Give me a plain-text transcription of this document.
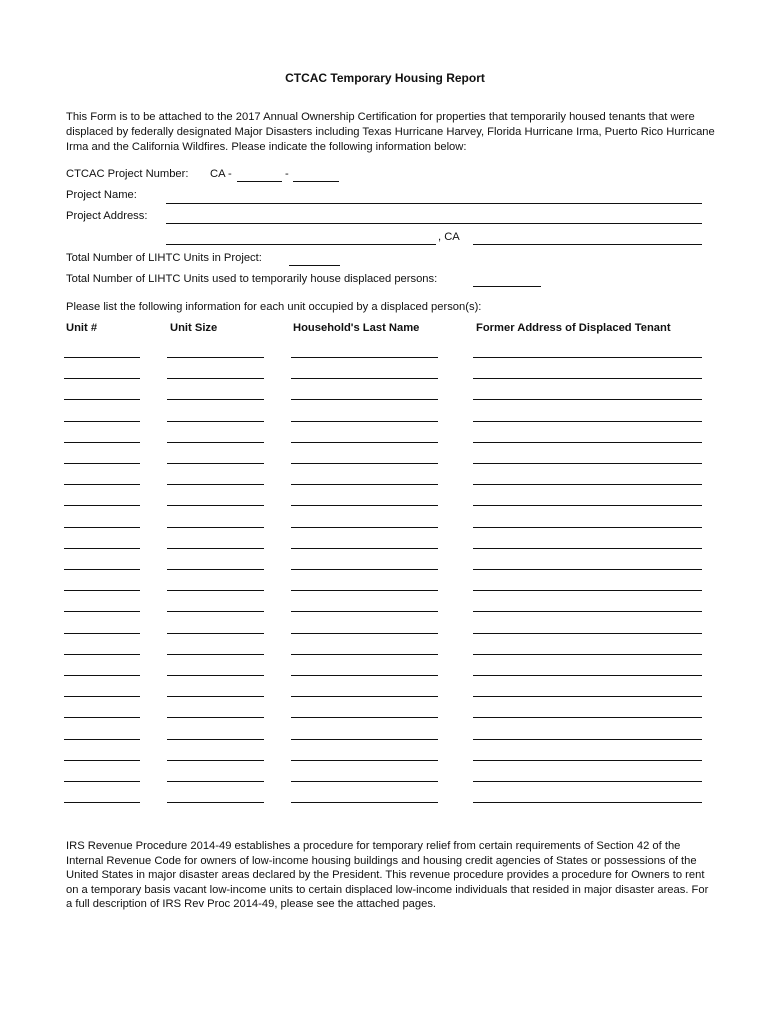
CTCAC Temporary Housing Report
This Form is to be attached to the 2017 Annual Ownership Certification for properties that temporarily housed tenants that were displaced by federally designated Major Disasters including Texas Hurricane Harvey, Florida Hurricane Irma, Puerto Rico Hurricane Irma and the California Wildfires. Please indicate the following information below:
CTCAC Project Number: CA -	-
Project Name:
Project Address:
, CA
Total Number of LIHTC Units in Project:
Total Number of LIHTC Units used to temporarily house displaced persons:
Please list the following information for each unit occupied by a displaced person(s):
Unit #	Unit Size	Household's Last Name	Former Address of Displaced Tenant
IRS Revenue Procedure 2014-49 establishes a procedure for temporary relief from certain requirements of Section 42 of the Internal Revenue Code for owners of low-income housing buildings and housing credit agencies of States or possessions of the United States in major disaster areas declared by the President. This revenue procedure provides a procedure for Owners to rent on a temporary basis vacant low-income units to certain displaced low-income individuals that resided in major disaster areas. For a full description of IRS Rev Proc 2014-49, please see the attached pages.
